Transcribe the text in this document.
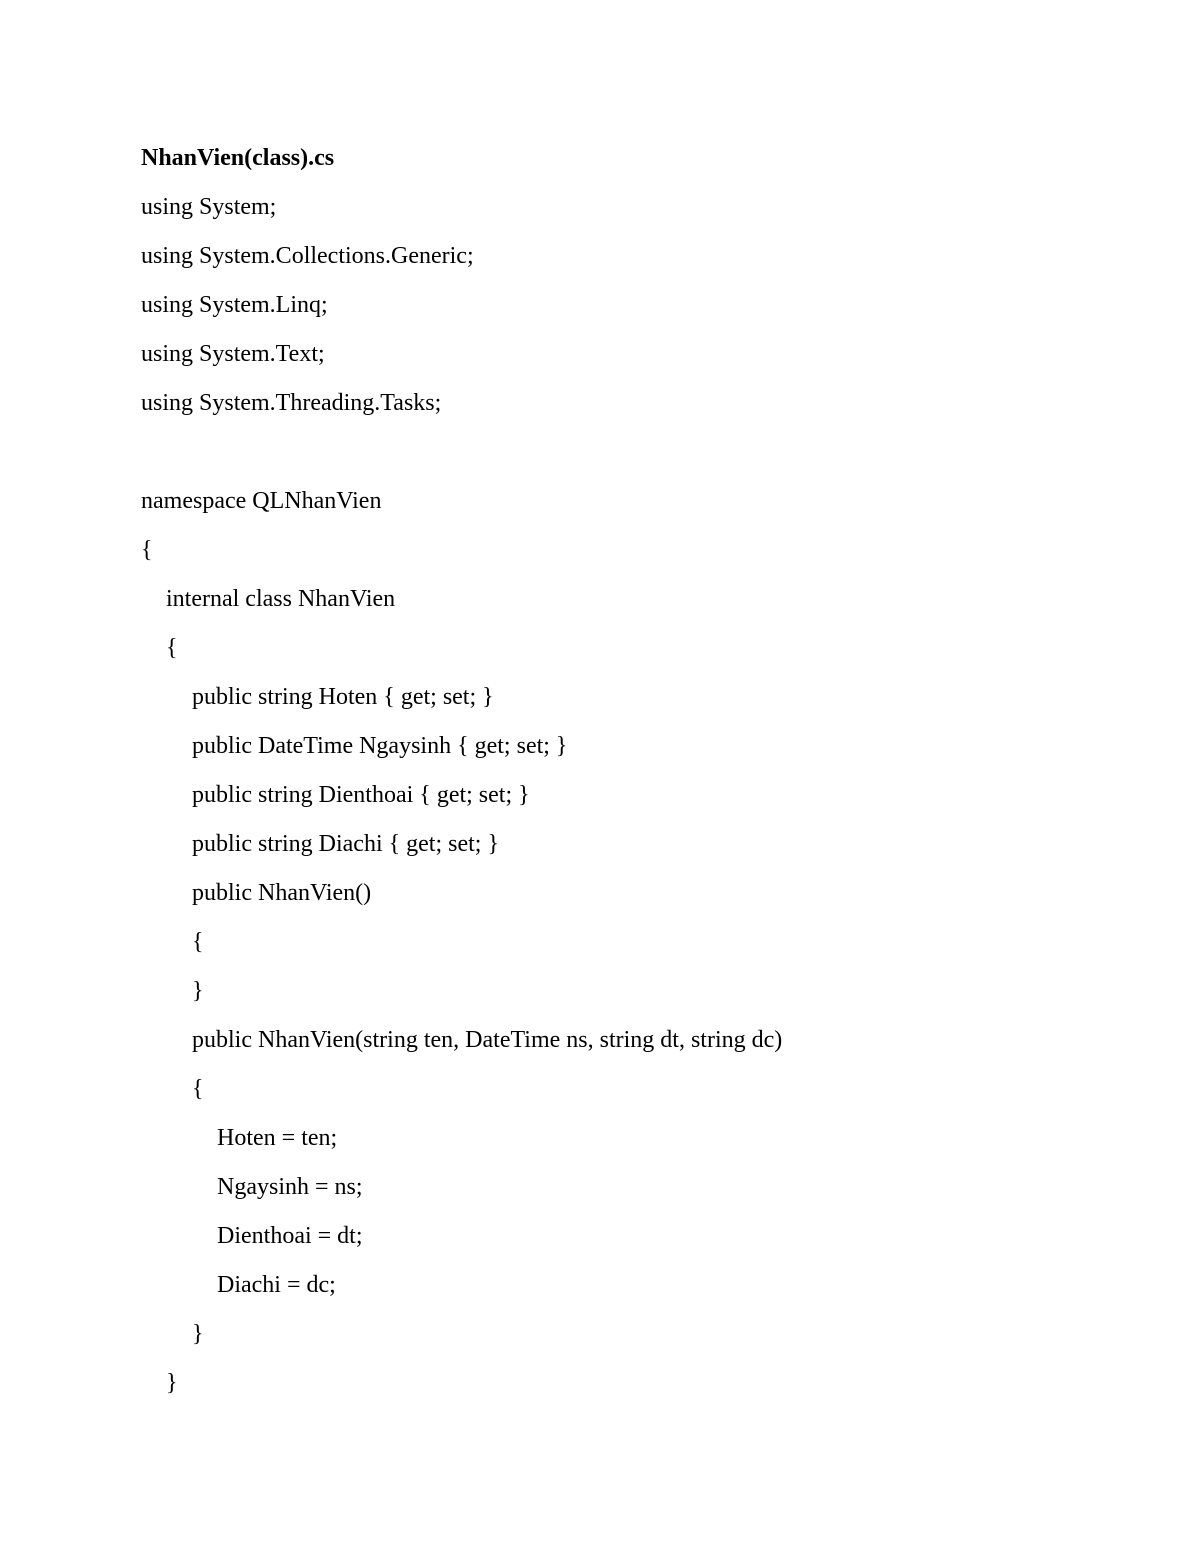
NhanVien(class).cs
using System;
using System.Collections.Generic;
using System.Linq;
using System.Text;
using System.Threading.Tasks;
namespace QLNhanVien
{
internal class NhanVien
{
public string Hoten { get; set; }
public DateTime Ngaysinh { get; set; }
public string Dienthoai { get; set; }
public string Diachi { get; set; }
public NhanVien()
{
}
public NhanVien(string ten, DateTime ns, string dt, string dc)
{
Hoten = ten;
Ngaysinh = ns;
Dienthoai = dt;
Diachi = dc;
}
}
